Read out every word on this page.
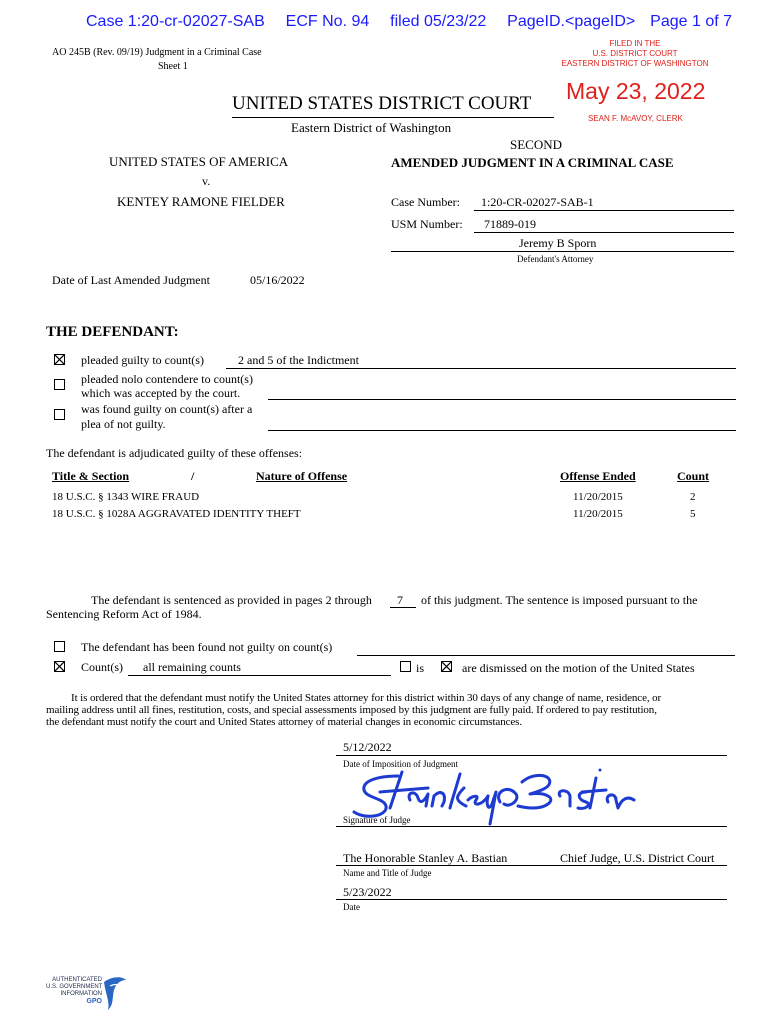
Case 1:20-cr-02027-SAB ECF No. 94 filed 05/23/22 PageID.<pageID> Page 1 of 7
FILED IN THE
U.S. DISTRICT COURT
EASTERN DISTRICT OF WASHINGTON
May 23, 2022
SEAN F. McAVOY, CLERK
AO 245B (Rev. 09/19) Judgment in a Criminal Case
Sheet 1
UNITED STATES DISTRICT COURT
Eastern District of Washington
SECOND
AMENDED JUDGMENT IN A CRIMINAL CASE
UNITED STATES OF AMERICA
v.
KENTEY RAMONE FIELDER	Case Number: 1:20-CR-02027-SAB-1
USM Number: 71889-019
Jeremy B Sporn
Defendant's Attorney
Date of Last Amended Judgment	05/16/2022
THE DEFENDANT:
pleaded guilty to count(s)	2 and 5 of the Indictment
pleaded nolo contendere to count(s)
which was accepted by the court.
was found guilty on count(s) after a
plea of not guilty.
The defendant is adjudicated guilty of these offenses:
Title & Section	/	Nature of Offense	Offense Ended	Count
18 U.S.C. § 1343 WIRE FRAUD	11/20/2015	2
18 U.S.C. § 1028A AGGRAVATED IDENTITY THEFT	11/20/2015	5
The defendant is sentenced as provided in pages 2 through 7 of this judgment. The sentence is imposed pursuant to the
Sentencing Reform Act of 1984.
The defendant has been found not guilty on count(s)
Count(s) all remaining counts	is	are dismissed on the motion of the United States
It is ordered that the defendant must notify the United States attorney for this district within 30 days of any change of name, residence, or
mailing address until all fines, restitution, costs, and special assessments imposed by this judgment are fully paid. If ordered to pay restitution,
the defendant must notify the court and United States attorney of material changes in economic circumstances.
5/12/2022
Date of Imposition of Judgment
Signature of Judge
The Honorable Stanley A. Bastian	Chief Judge, U.S. District Court
Name and Title of Judge
5/23/2022
Date
AUTHENTICATED
U.S. GOVERNMENT
INFORMATION
GPO
